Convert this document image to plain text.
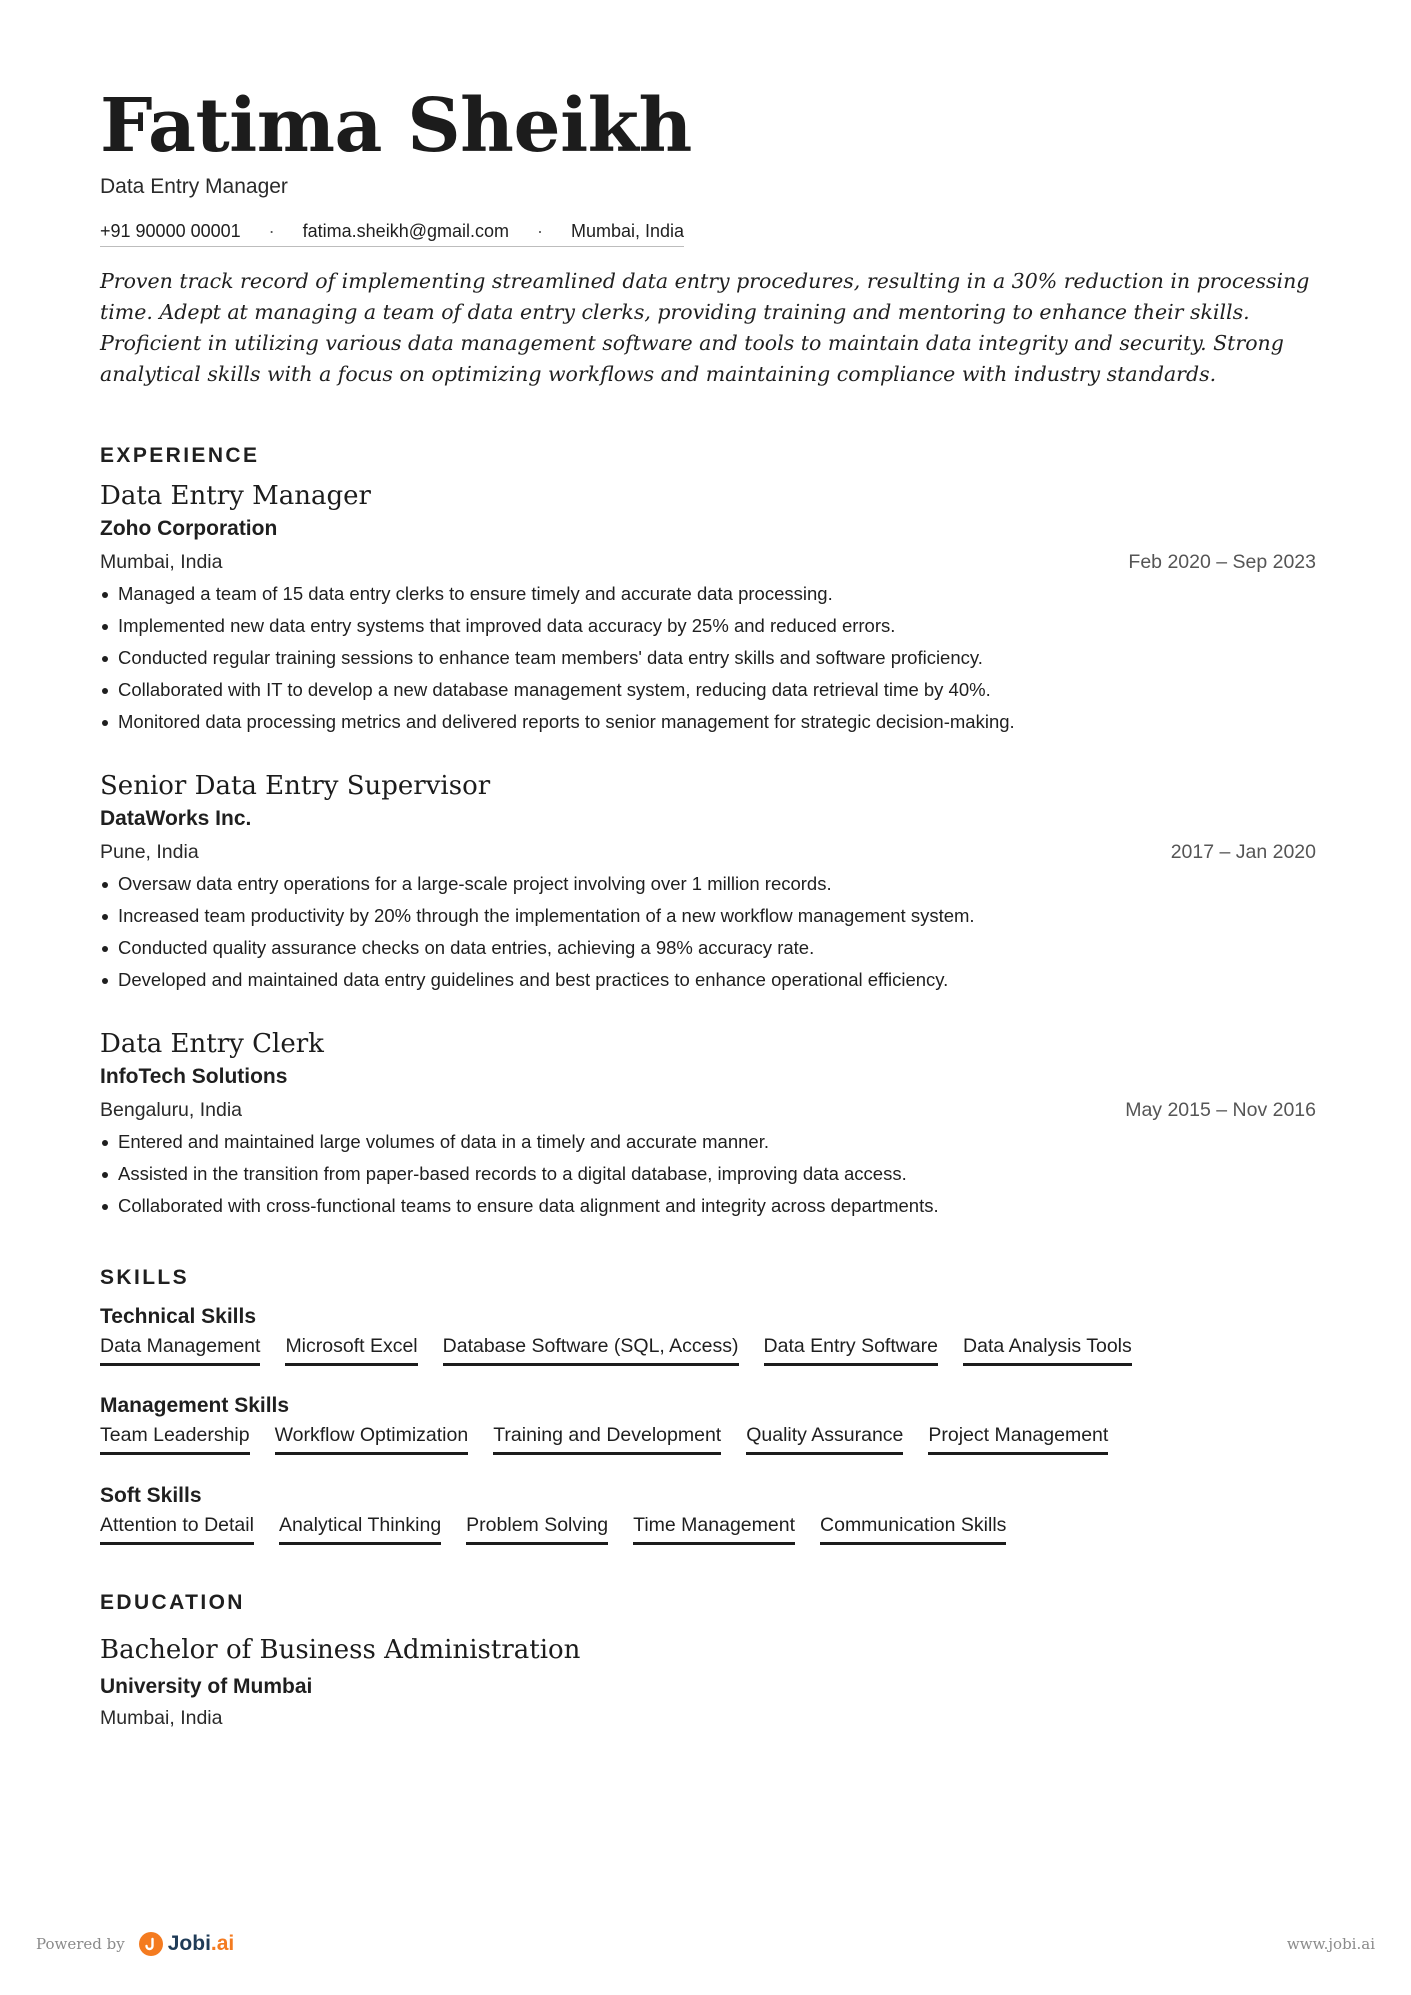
Fatima Sheikh
Data Entry Manager
+91 90000 00001 · fatima.sheikh@gmail.com · Mumbai, India

Proven track record of implementing streamlined data entry procedures, resulting in a 30% reduction in processing time. Adept at managing a team of data entry clerks, providing training and mentoring to enhance their skills. Proficient in utilizing various data management software and tools to maintain data integrity and security. Strong analytical skills with a focus on optimizing workflows and maintaining compliance with industry standards.

EXPERIENCE
Data Entry Manager
Zoho Corporation
Mumbai, India	Feb 2020 – Sep 2023
Managed a team of 15 data entry clerks to ensure timely and accurate data processing.
Implemented new data entry systems that improved data accuracy by 25% and reduced errors.
Conducted regular training sessions to enhance team members' data entry skills and software proficiency.
Collaborated with IT to develop a new database management system, reducing data retrieval time by 40%.
Monitored data processing metrics and delivered reports to senior management for strategic decision-making.
Senior Data Entry Supervisor
DataWorks Inc.
Pune, India	2017 – Jan 2020
Oversaw data entry operations for a large-scale project involving over 1 million records.
Increased team productivity by 20% through the implementation of a new workflow management system.
Conducted quality assurance checks on data entries, achieving a 98% accuracy rate.
Developed and maintained data entry guidelines and best practices to enhance operational efficiency.
Data Entry Clerk
InfoTech Solutions
Bengaluru, India	May 2015 – Nov 2016
Entered and maintained large volumes of data in a timely and accurate manner.
Assisted in the transition from paper-based records to a digital database, improving data access.
Collaborated with cross-functional teams to ensure data alignment and integrity across departments.
SKILLS
Technical Skills
Data Management Microsoft Excel Database Software (SQL, Access) Data Entry Software Data Analysis Tools
Management Skills
Team Leadership Workflow Optimization Training and Development Quality Assurance Project Management
Soft Skills
Attention to Detail Analytical Thinking Problem Solving Time Management Communication Skills
EDUCATION
Bachelor of Business Administration
University of Mumbai
Mumbai, India
Powered by Jobi.ai	www.jobi.ai
